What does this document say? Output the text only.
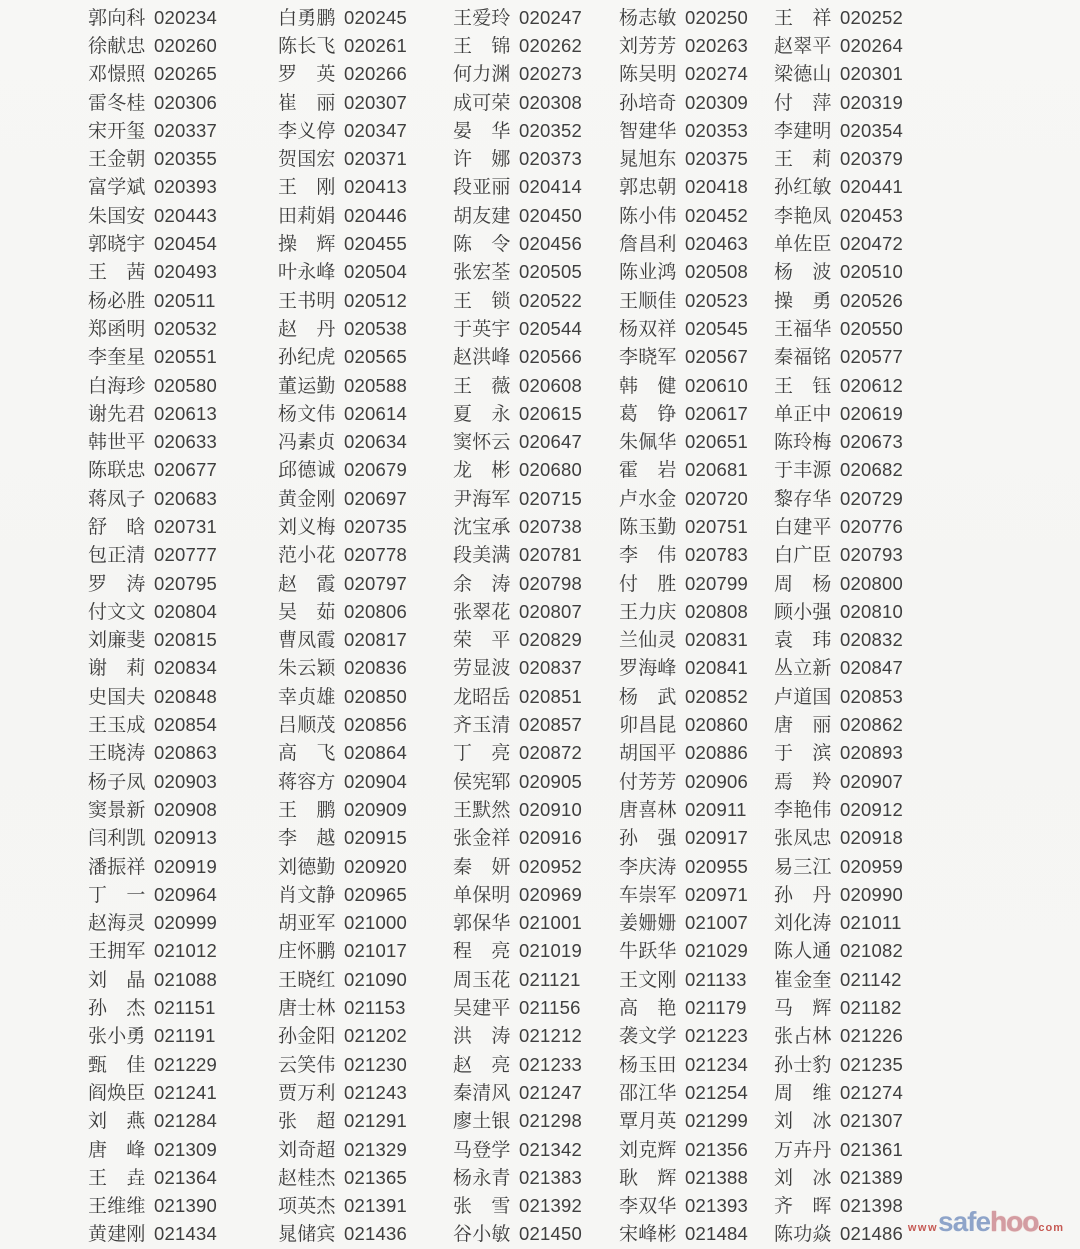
郭向科 020234	白勇鹏 020245	王爱玲 020247	杨志敏 020250	王　祥 020252
徐献忠 020260	陈长飞 020261	王　锦 020262	刘芳芳 020263	赵翠平 020264
邓憬照 020265	罗　英 020266	何力渊 020273	陈吴明 020274	梁德山 020301
雷冬桂 020306	崔　丽 020307	成可荣 020308	孙培奇 020309	付　萍 020319
宋开玺 020337	李义停 020347	晏　华 020352	智建华 020353	李建明 020354
王金朝 020355	贺国宏 020371	许　娜 020373	晁旭东 020375	王　莉 020379
富学斌 020393	王　刚 020413	段亚丽 020414	郭忠朝 020418	孙红敏 020441
朱国安 020443	田莉娟 020446	胡友建 020450	陈小伟 020452	李艳凤 020453
郭晓宇 020454	操　辉 020455	陈　令 020456	詹昌利 020463	单佐臣 020472
王　茜 020493	叶永峰 020504	张宏荃 020505	陈业鸿 020508	杨　波 020510
杨必胜 020511	王书明 020512	王　锁 020522	王顺佳 020523	操　勇 020526
郑函明 020532	赵　丹 020538	于英宇 020544	杨双祥 020545	王福华 020550
李奎星 020551	孙纪虎 020565	赵洪峰 020566	李晓军 020567	秦福铭 020577
白海珍 020580	董运勤 020588	王　薇 020608	韩　健 020610	王　钰 020612
谢先君 020613	杨文伟 020614	夏　永 020615	葛　铮 020617	单正中 020619
韩世平 020633	冯素贞 020634	窦怀云 020647	朱佩华 020651	陈玲梅 020673
陈联忠 020677	邱德诚 020679	龙　彬 020680	霍　岩 020681	于丰源 020682
蒋凤子 020683	黄金刚 020697	尹海军 020715	卢水金 020720	黎存华 020729
舒　晗 020731	刘义梅 020735	沈宝承 020738	陈玉勤 020751	白建平 020776
包正清 020777	范小花 020778	段美满 020781	李　伟 020783	白广臣 020793
罗　涛 020795	赵　霞 020797	余　涛 020798	付　胜 020799	周　杨 020800
付文文 020804	吴　茹 020806	张翠花 020807	王力庆 020808	顾小强 020810
刘廉斐 020815	曹凤霞 020817	荣　平 020829	兰仙灵 020831	袁　玮 020832
谢　莉 020834	朱云颖 020836	劳显波 020837	罗海峰 020841	丛立新 020847
史国夫 020848	幸贞雄 020850	龙昭岳 020851	杨　武 020852	卢道国 020853
王玉成 020854	吕顺茂 020856	齐玉清 020857	卯昌昆 020860	唐　丽 020862
王晓涛 020863	高　飞 020864	丁　亮 020872	胡国平 020886	于　滨 020893
杨子凤 020903	蒋容方 020904	侯宪郓 020905	付芳芳 020906	焉　羚 020907
窦景新 020908	王　鹏 020909	王默然 020910	唐喜林 020911	李艳伟 020912
闫利凯 020913	李　越 020915	张金祥 020916	孙　强 020917	张凤忠 020918
潘振祥 020919	刘德勤 020920	秦　妍 020952	李庆涛 020955	易三江 020959
丁　一 020964	肖文静 020965	单保明 020969	车崇军 020971	孙　丹 020990
赵海灵 020999	胡亚军 021000	郭保华 021001	姜姗姗 021007	刘化涛 021011
王拥军 021012	庄怀鹏 021017	程　亮 021019	牛跃华 021029	陈人通 021082
刘　晶 021088	王晓红 021090	周玉花 021121	王文刚 021133	崔金奎 021142
孙　杰 021151	唐士林 021153	吴建平 021156	高　艳 021179	马　辉 021182
张小勇 021191	孙金阳 021202	洪　涛 021212	袭文学 021223	张占林 021226
甄　佳 021229	云笑伟 021230	赵　亮 021233	杨玉田 021234	孙士豹 021235
阎焕臣 021241	贾万利 021243	秦清风 021247	邵江华 021254	周　维 021274
刘　燕 021284	张　超 021291	廖土银 021298	覃月英 021299	刘　冰 021307
唐　峰 021309	刘奇超 021329	马登学 021342	刘克辉 021356	万卉丹 021361
王　垚 021364	赵桂杰 021365	杨永青 021383	耿　辉 021388	刘　冰 021389
王维维 021390	项英杰 021391	张　雪 021392	李双华 021393	齐　晖 021398
黄建刚 021434	晁储宾 021436	谷小敏 021450	宋峰彬 021484	陈功焱 021486 www safe hoo com
